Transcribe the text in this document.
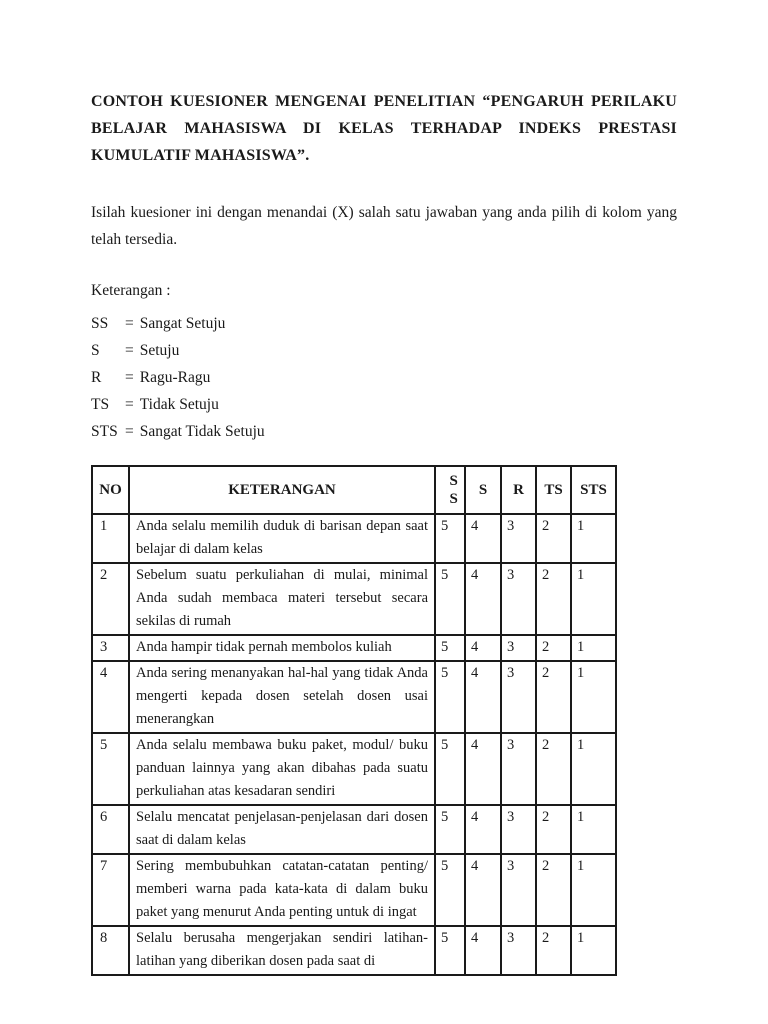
CONTOH KUESIONER MENGENAI PENELITIAN “PENGARUH PERILAKU BELAJAR MAHASISWA DI KELAS TERHADAP INDEKS PRESTASI KUMULATIF MAHASISWA”.

Isilah kuesioner ini dengan menandai (X) salah satu jawaban yang anda pilih di kolom yang telah tersedia.

Keterangan :

SS	= Sangat Setuju
S	= Setuju
R	= Ragu-Ragu
TS	= Tidak Setuju
STS = Sangat Tidak Setuju
NO	KETERANGAN	SS	S	R	TS	STS
1	Anda selalu memilih duduk di barisan depan saat belajar di dalam kelas	5	4	3	2	1
2	Sebelum suatu perkuliahan di mulai, minimal Anda sudah membaca materi tersebut secara sekilas di rumah	5	4	3	2	1
3	Anda hampir tidak pernah membolos kuliah	5	4	3	2	1
4	Anda sering menanyakan hal-hal yang tidak Anda mengerti kepada dosen setelah dosen usai menerangkan	5	4	3	2	1
5	Anda selalu membawa buku paket, modul/ buku panduan lainnya yang akan dibahas pada suatu perkuliahan atas kesadaran sendiri	5	4	3	2	1
6	Selalu mencatat penjelasan-penjelasan dari dosen saat di dalam kelas	5	4	3	2	1
7	Sering membubuhkan catatan-catatan penting/ memberi warna pada kata-kata di dalam buku paket yang menurut Anda penting untuk di ingat	5	4	3	2	1
8	Selalu berusaha mengerjakan sendiri latihan- latihan yang diberikan dosen pada saat di	5	4	3	2	1
